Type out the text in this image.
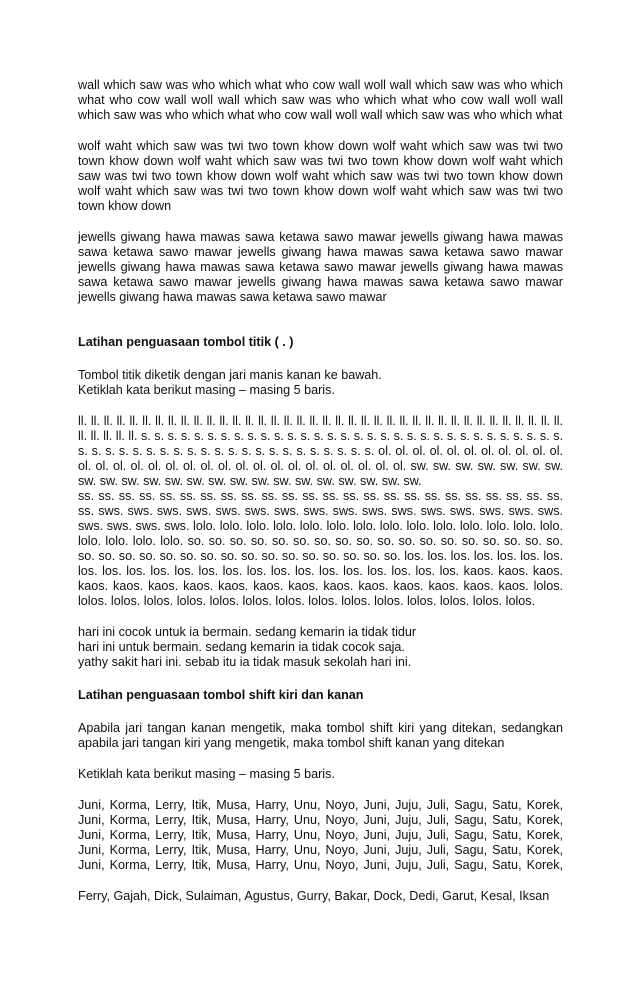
wall which saw was who which what who cow wall woll wall which saw was who which what who cow wall woll wall which saw was who which what who cow wall woll wall which saw was who which what who cow wall woll wall which saw was who which what

wolf waht which saw was twi two town khow down wolf waht which saw was twi two town khow down wolf waht which saw was twi two town khow down wolf waht which saw was twi two town khow down wolf waht which saw was twi two town khow down wolf waht which saw was twi two town khow down wolf waht which saw was twi two town khow down

jewells giwang hawa mawas sawa ketawa sawo mawar jewells giwang hawa mawas sawa ketawa sawo mawar jewells giwang hawa mawas sawa ketawa sawo mawar jewells giwang hawa mawas sawa ketawa sawo mawar jewells giwang hawa mawas sawa ketawa sawo mawar jewells giwang hawa mawas sawa ketawa sawo mawar jewells giwang hawa mawas sawa ketawa sawo mawar

Latihan penguasaan tombol titik ( . )

Tombol titik diketik dengan jari manis kanan ke bawah.
Ketiklah kata berikut masing – masing 5 baris.

ll. ll. ll. ll. ll. ll. ll. ll. ll. ll. ll. ll. ll. ll. ll. ll. ll. ll. ll. ll. ll. ll. ll. ll. ll. ll. ll. ll. ll. ll. ll. ll. ll. ll. ll. ll. ll. ll. ll. ll. ll. ll. ll. s. s. s. s. s. s. s. s. s. s. s. s. s. s. s. s. s. s. s. s. s. s. s. s. s. s. s. s. s. s. s. s. s. s. s. s. s. s. s. s. s. s. s. s. s. s. s. s. s. s. s. s. s. s. ol. ol. ol. ol. ol. ol. ol. ol. ol. ol. ol. ol. ol. ol. ol. ol. ol. ol. ol. ol. ol. ol. ol. ol. ol. ol. ol. ol. ol. ol. sw. sw. sw. sw. sw. sw. sw. sw. sw. sw. sw. sw. sw. sw. sw. sw. sw. sw. sw. sw. sw. sw. sw.

ss. ss. ss. ss. ss. ss. ss. ss. ss. ss. ss. ss. ss. ss. ss. ss. ss. ss. ss. ss. ss. ss. ss. ss. ss. sws. sws. sws. sws. sws. sws. sws. sws. sws. sws. sws. sws. sws. sws. sws. sws. sws. sws. sws. sws. lolo. lolo. lolo. lolo. lolo. lolo. lolo. lolo. lolo. lolo. lolo. lolo. lolo. lolo. lolo. lolo. lolo. lolo. so. so. so. so. so. so. so. so. so. so. so. so. so. so. so. so. so. so. so. so. so. so. so. so. so. so. so. so. so. so. so. so. so. so. los. los. los. los. los. los. los. los. los. los. los. los. los. los. los. los. los. los. los. los. los. los. los. kaos. kaos. kaos. kaos. kaos. kaos. kaos. kaos. kaos. kaos. kaos. kaos. kaos. kaos. kaos. kaos. lolos. lolos. lolos. lolos. lolos. lolos. lolos. lolos. lolos. lolos. lolos. lolos. lolos. lolos. lolos.

hari ini cocok untuk ia bermain. sedang kemarin ia tidak tidur
hari ini untuk bermain. sedang kemarin ia tidak cocok saja.
yathy sakit hari ini. sebab itu ia tidak masuk sekolah hari ini.

Latihan penguasaan tombol shift kiri dan kanan

Apabila jari tangan kanan mengetik, maka tombol shift kiri yang ditekan, sedangkan apabila jari tangan kiri yang mengetik, maka tombol shift kanan yang ditekan

Ketiklah kata berikut masing – masing 5 baris.
Juni, Korma, Lerry, Itik, Musa, Harry, Unu, Noyo, Juni, Juju, Juli, Sagu, Satu, Korek,
Juni, Korma, Lerry, Itik, Musa, Harry, Unu, Noyo, Juni, Juju, Juli, Sagu, Satu, Korek,
Juni, Korma, Lerry, Itik, Musa, Harry, Unu, Noyo, Juni, Juju, Juli, Sagu, Satu, Korek,
Juni, Korma, Lerry, Itik, Musa, Harry, Unu, Noyo, Juni, Juju, Juli, Sagu, Satu, Korek,
Juni, Korma, Lerry, Itik, Musa, Harry, Unu, Noyo, Juni, Juju, Juli, Sagu, Satu, Korek,

Ferry, Gajah, Dick, Sulaiman, Agustus, Gurry, Bakar, Dock, Dedi, Garut, Kesal, Iksan
